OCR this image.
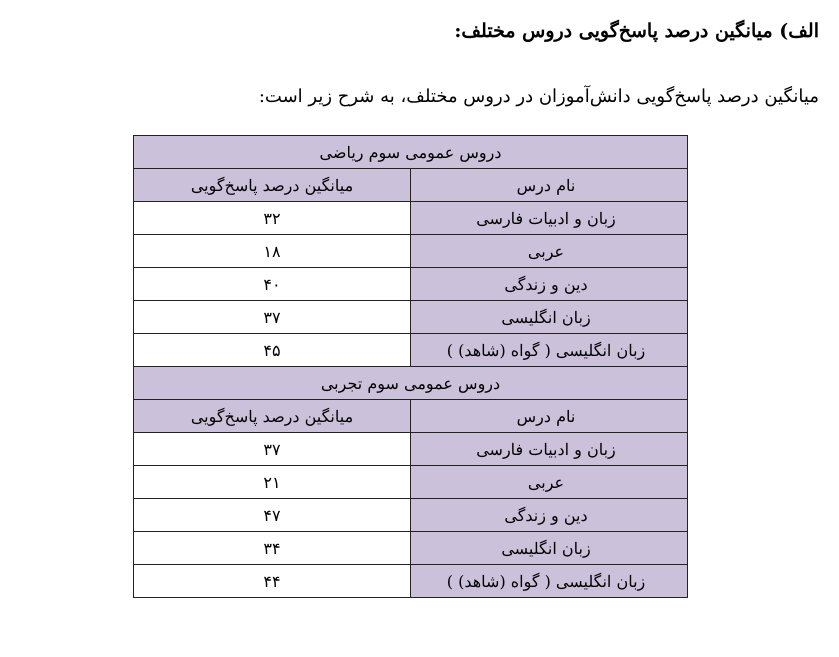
الف) میانگین درصد پاسخ‌گویی دروس مختلف:
میانگین درصد پاسخ‌گویی دانش‌آموزان در دروس مختلف، به شرح زیر است:
دروس عمومی سوم ریاضی	
نام درس	میانگین درصد پاسخ‌گویی
زبان و ادبیات فارسی	۳۲
عربی	۱۸
دین و زندگی	۴۰
زبان انگلیسی	۳۷
زبان انگلیسی ( گواه (شاهد) )	۴۵
دروس عمومی سوم تجربی	
نام درس	میانگین درصد پاسخ‌گویی
زبان و ادبیات فارسی	۳۷
عربی	۲۱
دین و زندگی	۴۷
زبان انگلیسی	۳۴
زبان انگلیسی ( گواه (شاهد) )	۴۴
